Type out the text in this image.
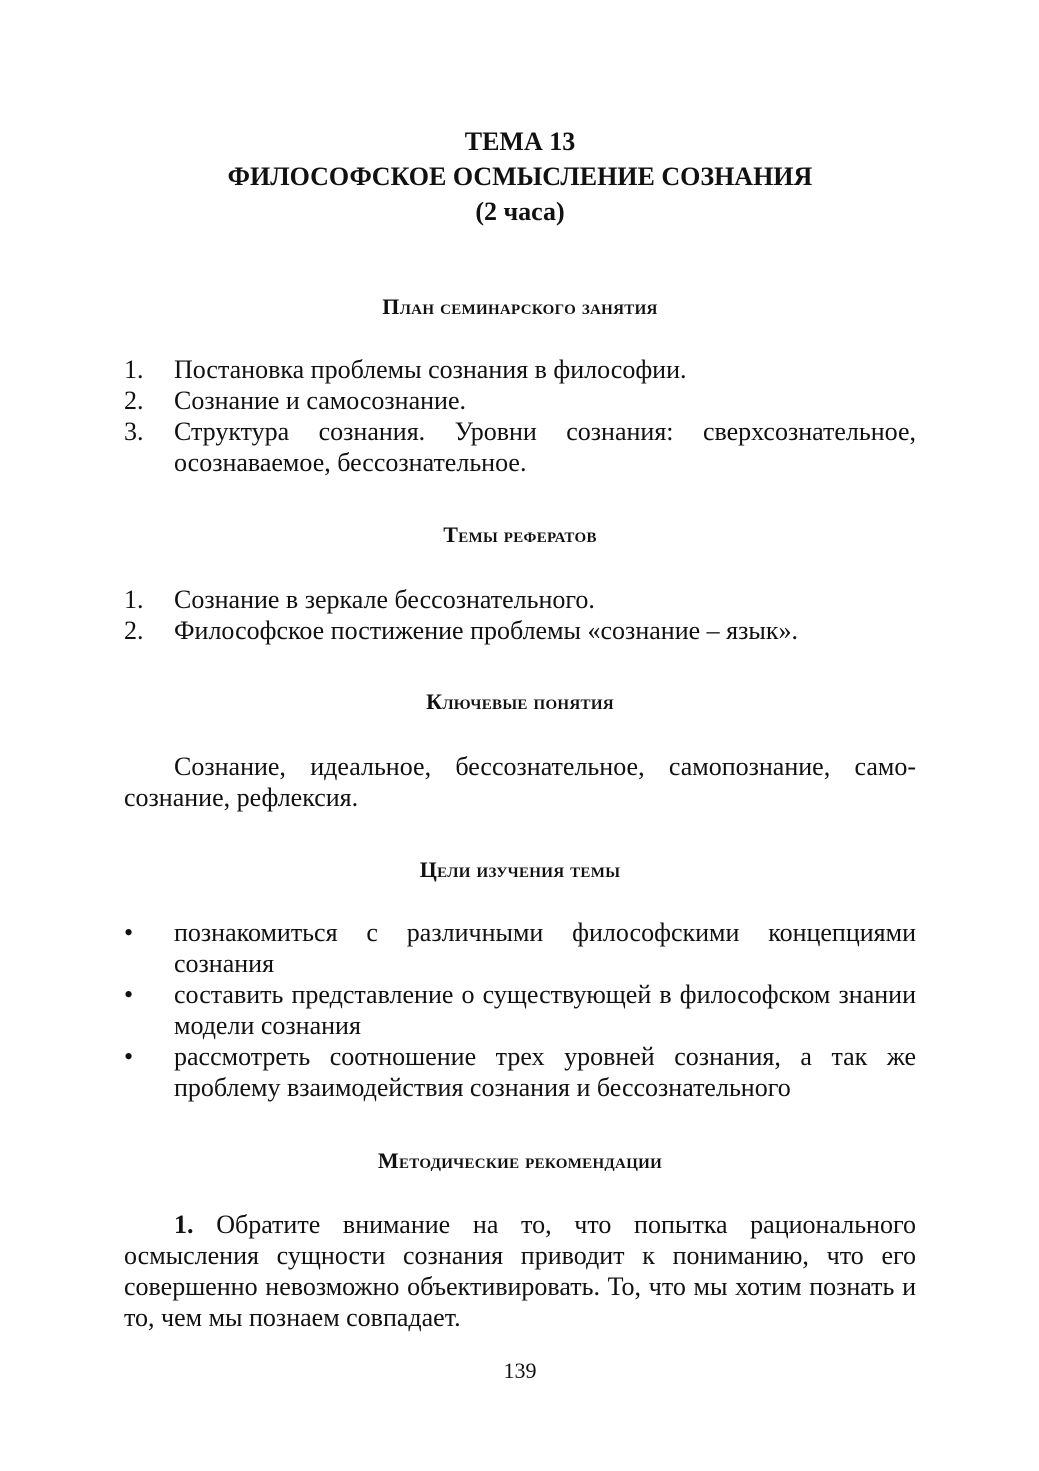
ТЕМА 13
ФИЛОСОФСКОЕ ОСМЫСЛЕНИЕ СОЗНАНИЯ
(2 часа)
План семинарского занятия
1. Постановка проблемы сознания в философии.
2. Сознание и самосознание.
3. Структура сознания. Уровни сознания: сверхсознательное, осознаваемое, бессознательное.
Темы рефератов
1. Сознание в зеркале бессознательного.
2. Философское постижение проблемы «сознание – язык».
Ключевые понятия
Сознание, идеальное, бессознательное, самопознание, самосознание, рефлексия.
Цели изучения темы
• познакомиться с различными философскими концепциями сознания
• составить представление о существующей в философском знании модели сознания
• рассмотреть соотношение трех уровней сознания, а так же проблему взаимодействия сознания и бессознательного
Методические рекомендации
1. Обратите внимание на то, что попытка рационального осмысления сущности сознания приводит к пониманию, что его совершенно невозможно объективировать. То, что мы хотим познать и то, чем мы познаем совпадает.
139
